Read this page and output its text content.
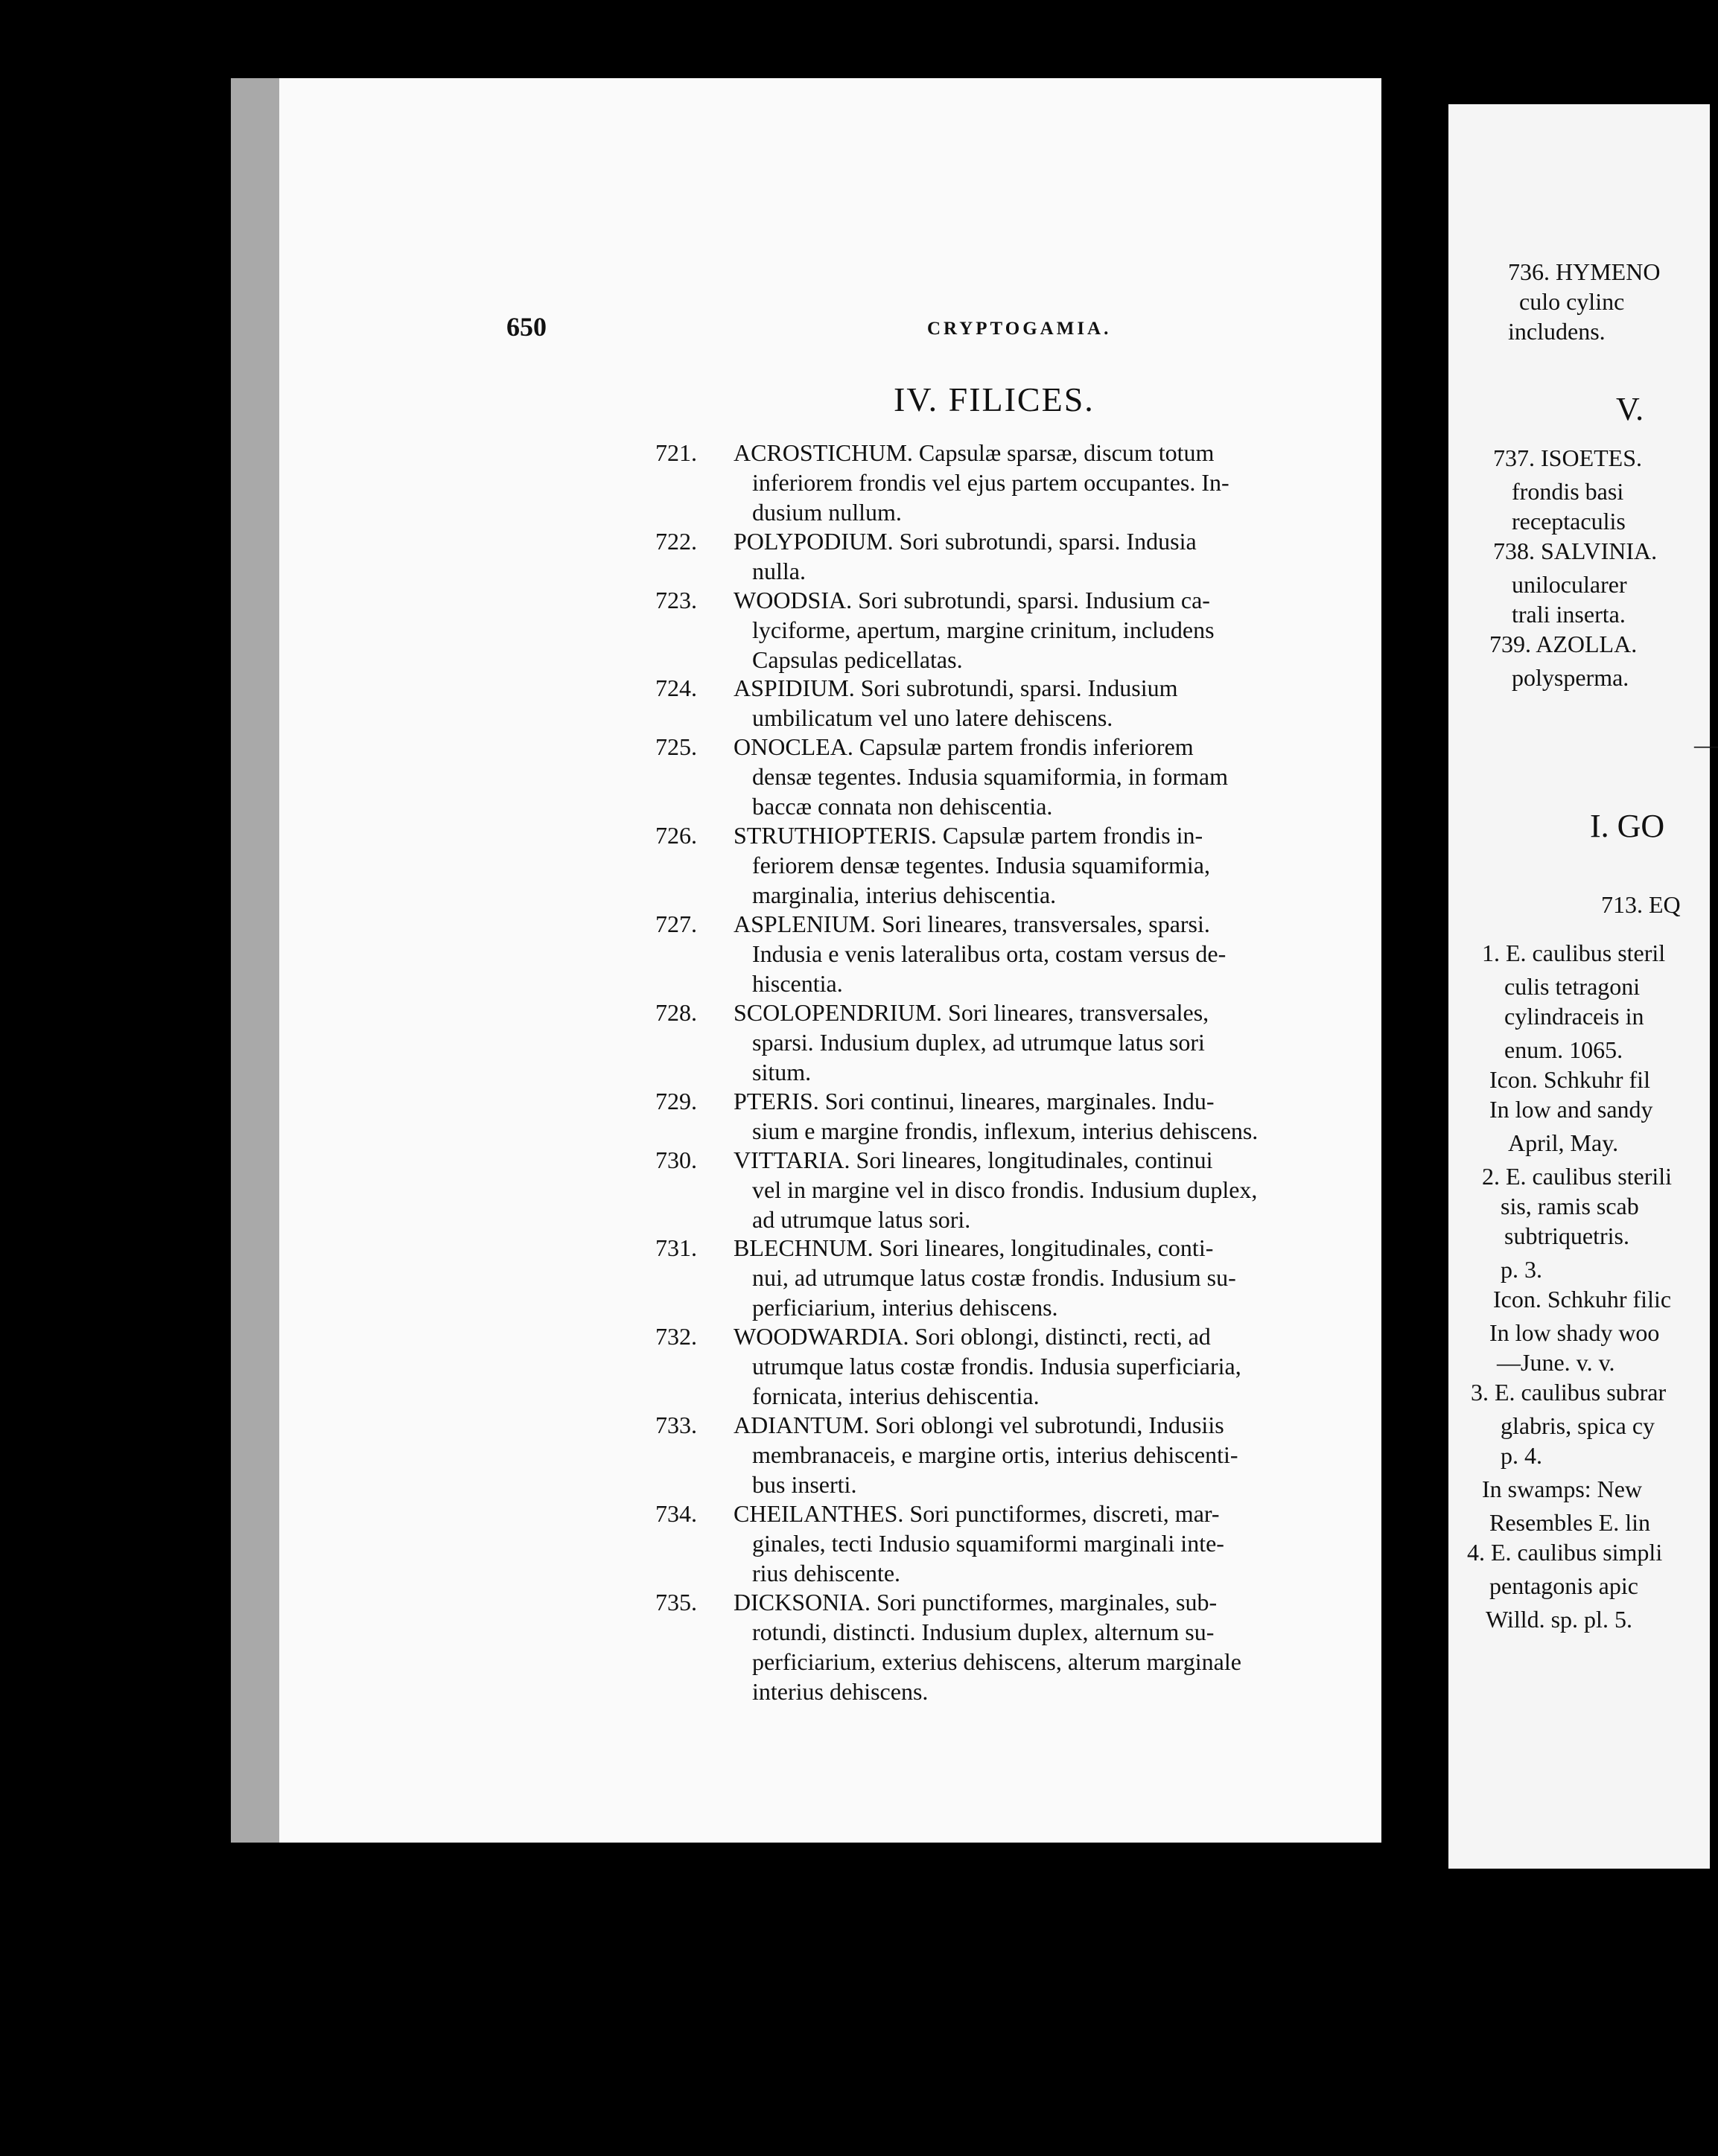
650	CRYPTOGAMIA.
IV. FILICES.
721. ACROSTICHUM. Capsulæ sparsæ, discum totum
inferiorem frondis vel ejus partem occupantes. In-
dusium nullum.
722. POLYPODIUM. Sori subrotundi, sparsi. Indusia
nulla.
723. WOODSIA. Sori subrotundi, sparsi. Indusium ca-
lyciforme, apertum, margine crinitum, includens
Capsulas pedicellatas.
724. ASPIDIUM. Sori subrotundi, sparsi. Indusium
umbilicatum vel uno latere dehiscens.
725. ONOCLEA. Capsulæ partem frondis inferiorem
densæ tegentes. Indusia squamiformia, in formam
baccæ connata non dehiscentia.
726. STRUTHIOPTERIS. Capsulæ partem frondis in-
feriorem densæ tegentes. Indusia squamiformia,
marginalia, interius dehiscentia.
727. ASPLENIUM. Sori lineares, transversales, sparsi.
Indusia e venis lateralibus orta, costam versus de-
hiscentia.
728. SCOLOPENDRIUM. Sori lineares, transversales,
sparsi. Indusium duplex, ad utrumque latus sori
situm.
729. PTERIS. Sori continui, lineares, marginales. Indu-
sium e margine frondis, inflexum, interius dehiscens.
730. VITTARIA. Sori lineares, longitudinales, continui
vel in margine vel in disco frondis. Indusium duplex,
ad utrumque latus sori.
731. BLECHNUM. Sori lineares, longitudinales, conti-
nui, ad utrumque latus costæ frondis. Indusium su-
perficiarium, interius dehiscens.
732. WOODWARDIA. Sori oblongi, distincti, recti, ad
utrumque latus costæ frondis. Indusia superficiaria,
fornicata, interius dehiscentia.
733. ADIANTUM. Sori oblongi vel subrotundi, Indusiis
membranaceis, e margine ortis, interius dehiscenti-
bus inserti.
734. CHEILANTHES. Sori punctiformes, discreti, mar-
ginales, tecti Indusio squamiformi marginali inte-
rius dehiscente.
735. DICKSONIA. Sori punctiformes, marginales, sub-
rotundi, distincti. Indusium duplex, alternum su-
perficiarium, exterius dehiscens, alterum marginale
interius dehiscens.
736. HYMENO
culo cylinc
includens.
V.
737. ISOETES.
frondis basi
receptaculis
738. SALVINIA.
unilocularer
trali inserta.
739. AZOLLA.
polysperma.
—
I. GO
713. EQ
1. E. caulibus steril
culis tetragoni
cylindraceis in
enum. 1065.
Icon. Schkuhr fil
In low and sandy
April, May.
2. E. caulibus sterili
sis, ramis scab
subtriquetris.
p. 3.
Icon. Schkuhr filic
In low shady woo
—June. v. v.
3. E. caulibus subrar
glabris, spica cy
p. 4.
In swamps: New
Resembles E. lin
4. E. caulibus simpli
pentagonis apic
Willd. sp. pl. 5.
